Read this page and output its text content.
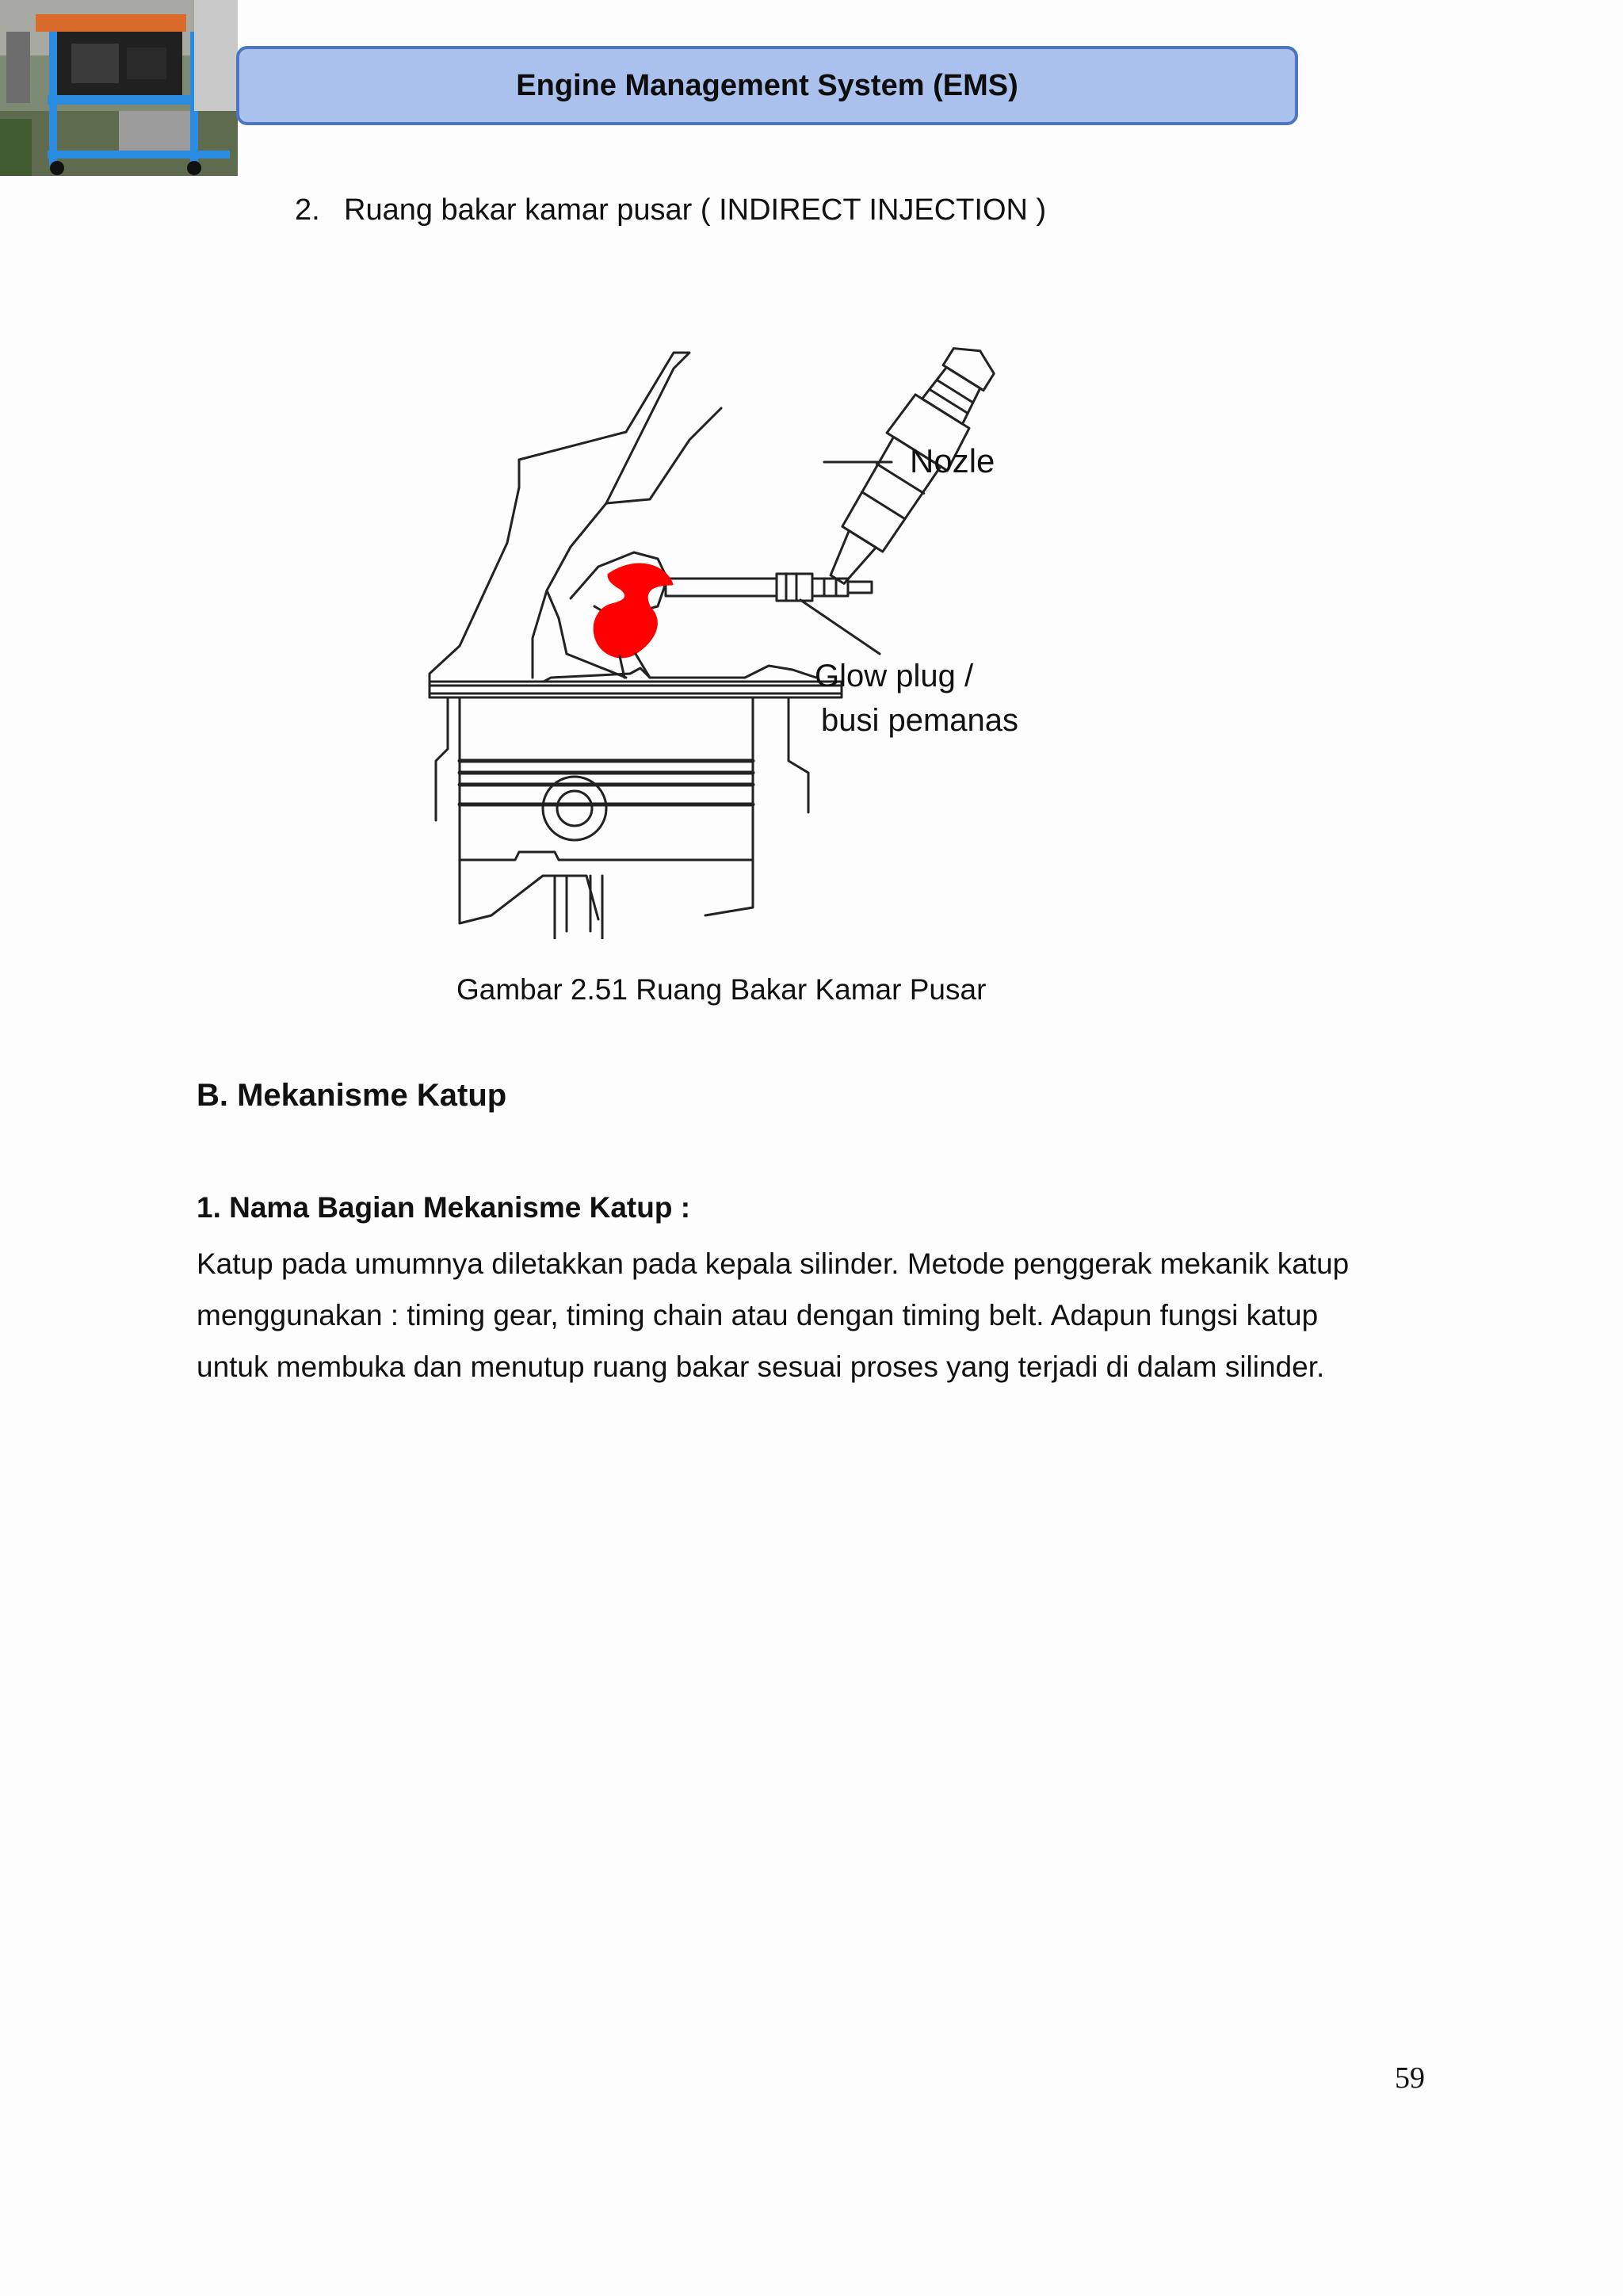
Engine Management System (EMS)
2. Ruang bakar kamar pusar ( INDIRECT INJECTION )
Nozle
Glow plug /
busi pemanas
Gambar 2.51 Ruang Bakar Kamar Pusar
B. Mekanisme Katup
1. Nama Bagian Mekanisme Katup :
Katup pada umumnya diletakkan pada kepala silinder. Metode penggerak mekanik katup
menggunakan : timing gear, timing chain atau dengan timing belt. Adapun fungsi katup
untuk membuka dan menutup ruang bakar sesuai proses yang terjadi di dalam silinder.
59
